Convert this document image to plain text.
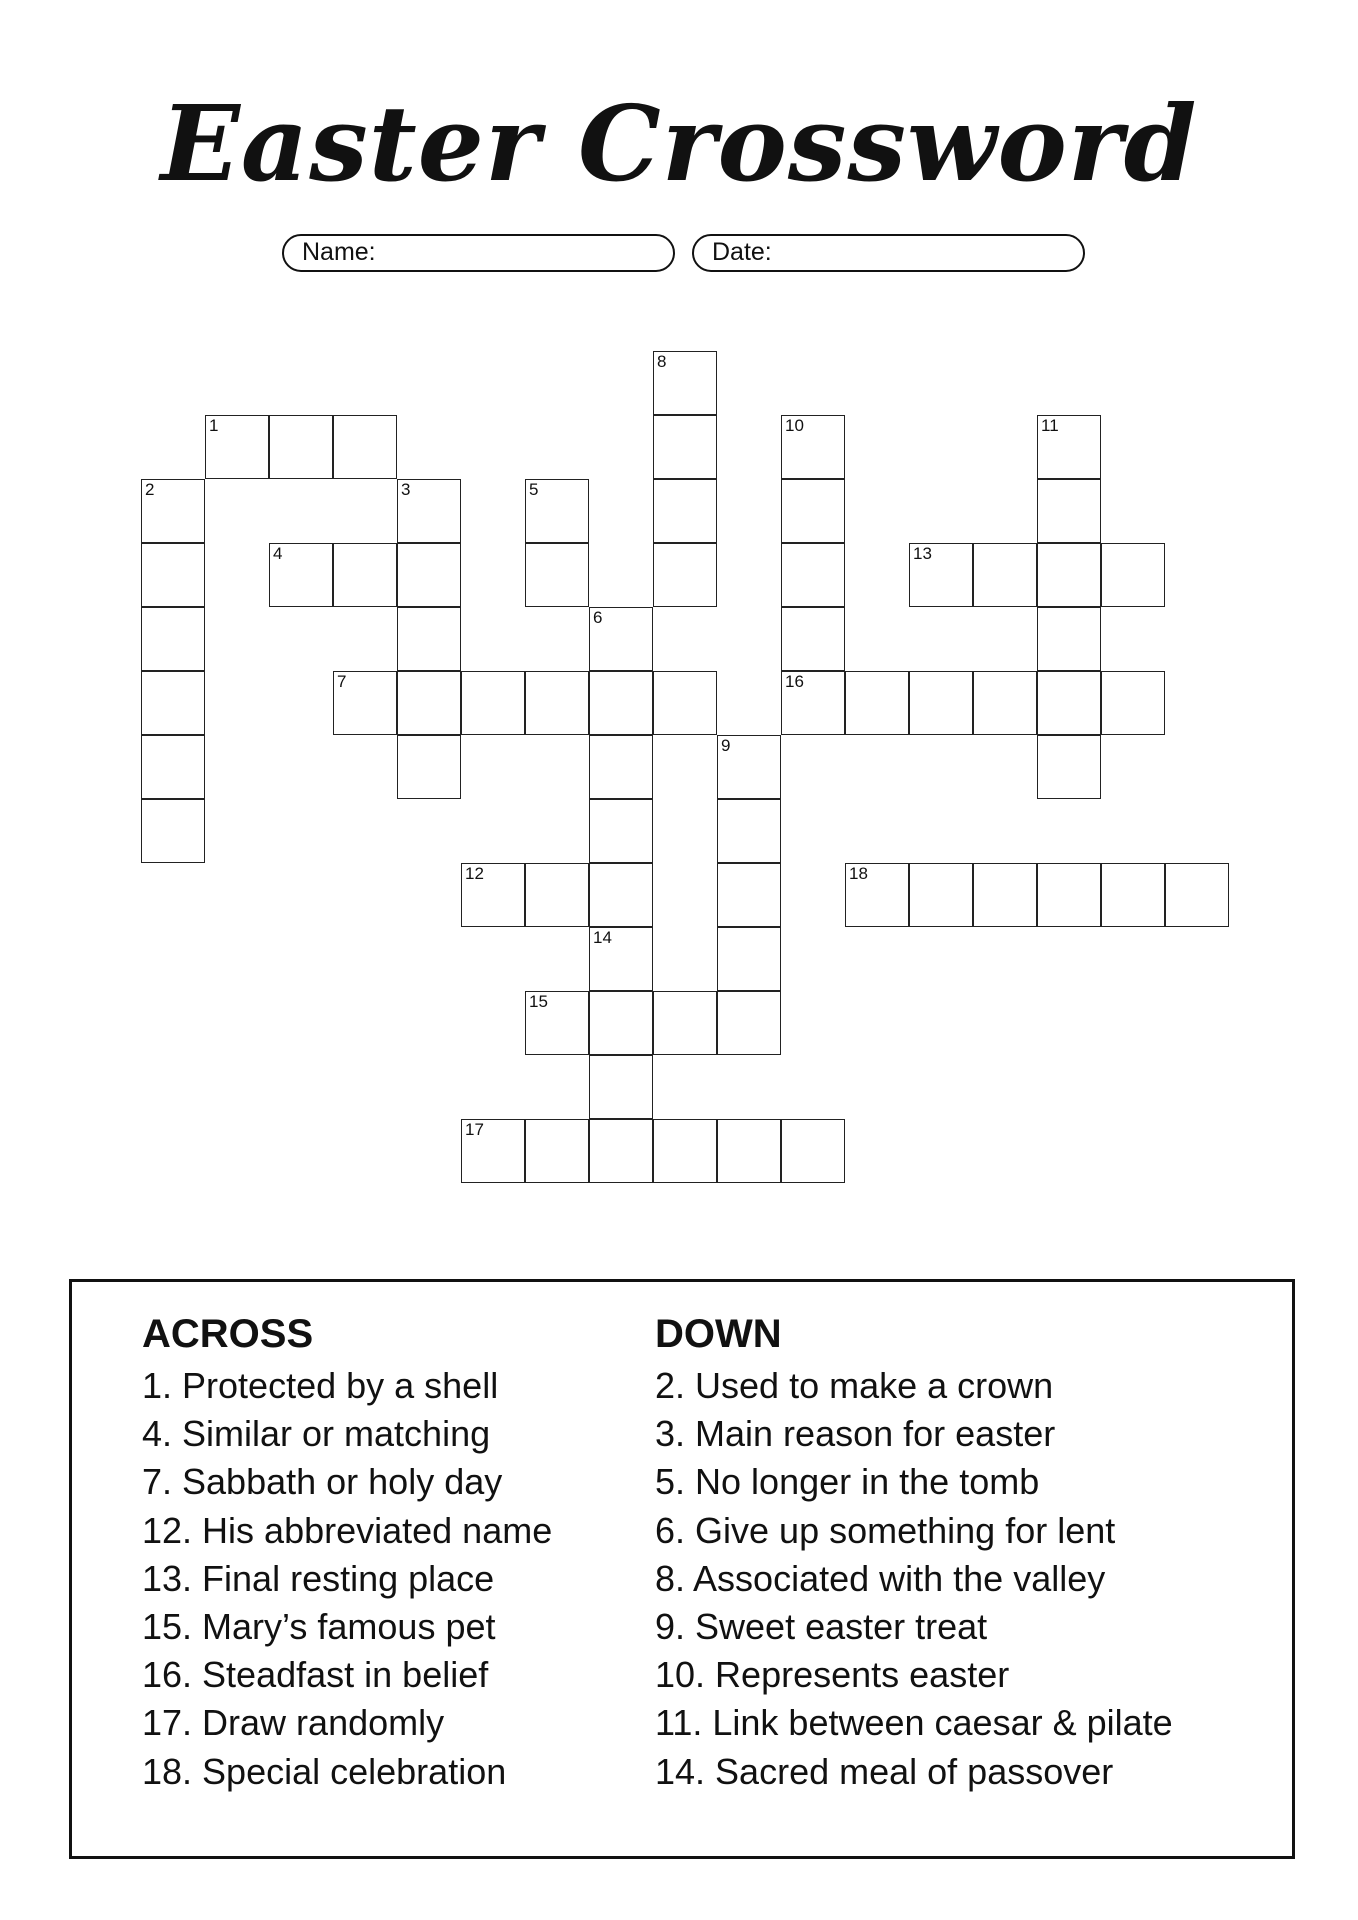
Easter Crossword
Name:	Date:
1
2	3
4
5
6
7
8
9
10	11
12
13
14
15
16
17
18
ACROSS
1. Protected by a shell
4. Similar or matching
7. Sabbath or holy day
12. His abbreviated name
13. Final resting place
15. Mary’s famous pet
16. Steadfast in belief
17. Draw randomly
18. Special celebration
DOWN
2. Used to make a crown
3. Main reason for easter
5. No longer in the tomb
6. Give up something for lent
8. Associated with the valley
9. Sweet easter treat
10. Represents easter
11. Link between caesar & pilate
14. Sacred meal of passover
